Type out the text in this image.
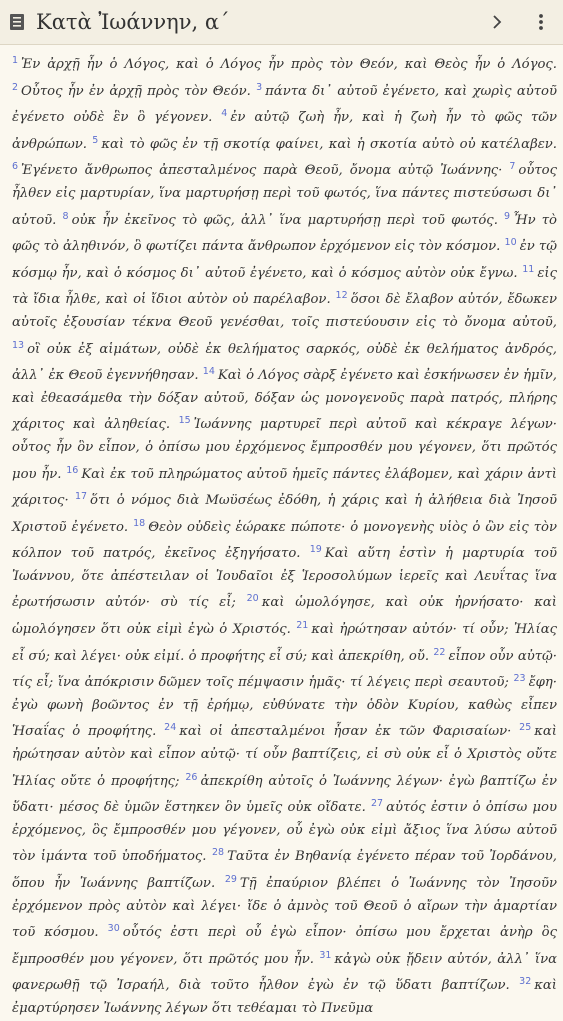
Κατὰ Ἰωάννην, α΄

$^1$ Ἐν ἀρχῇ ἦν ὁ Λόγος, καὶ ὁ Λόγος ἦν πρὸς τὸν Θεόν, καὶ Θεὸς ἦν ὁ Λόγος. $^2$ Οὗτος ἦν ἐν ἀρχῇ πρὸς τὸν Θεόν. $^3$ πάντα δι᾽ αὐτοῦ ἐγένετο, καὶ χωρὶς αὐτοῦ ἐγένετο οὐδὲ ἓν ὃ γέγονεν. $^4$ ἐν αὐτῷ ζωὴ ἦν, καὶ ἡ ζωὴ ἦν τὸ φῶς τῶν ἀνθρώπων. $^5$ καὶ τὸ φῶς ἐν τῇ σκοτίᾳ φαίνει, καὶ ἡ σκοτία αὐτὸ οὐ κατέλαβεν. $^6$ Ἐγένετο ἄνθρωπος ἀπεσταλμένος παρὰ Θεοῦ, ὄνομα αὐτῷ Ἰωάννης· $^7$ οὗτος ἦλθεν εἰς μαρτυρίαν, ἵνα μαρτυρήσῃ περὶ τοῦ φωτός, ἵνα πάντες πιστεύσωσι δι᾽ αὐτοῦ. $^8$ οὐκ ἦν ἐκεῖνος τὸ φῶς, ἀλλ᾽ ἵνα μαρτυρήσῃ περὶ τοῦ φωτός. $^9$ Ἦν τὸ φῶς τὸ ἀληθινόν, ὃ φωτίζει πάντα ἄνθρωπον ἐρχόμενον εἰς τὸν κόσμον. $^{10}$ ἐν τῷ κόσμῳ ἦν, καὶ ὁ κόσμος δι᾽ αὐτοῦ ἐγένετο, καὶ ὁ κόσμος αὐτὸν οὐκ ἔγνω. $^{11}$ εἰς τὰ ἴδια ἦλθε, καὶ οἱ ἴδιοι αὐτὸν οὐ παρέλαβον. $^{12}$ ὅσοι δὲ ἔλαβον αὐτόν, ἔδωκεν αὐτοῖς ἐξουσίαν τέκνα Θεοῦ γενέσθαι, τοῖς πιστεύουσιν εἰς τὸ ὄνομα αὐτοῦ, $^{13}$ οἳ οὐκ ἐξ αἱμάτων, οὐδὲ ἐκ θελήματος σαρκός, οὐδὲ ἐκ θελήματος ἀνδρός, ἀλλ᾽ ἐκ Θεοῦ ἐγεννήθησαν. $^{14}$ Καὶ ὁ Λόγος σὰρξ ἐγένετο καὶ ἐσκήνωσεν ἐν ἡμῖν, καὶ ἐθεασάμεθα τὴν δόξαν αὐτοῦ, δόξαν ὡς μονογενοῦς παρὰ πατρός, πλήρης χάριτος καὶ ἀληθείας. $^{15}$ Ἰωάννης μαρτυρεῖ περὶ αὐτοῦ καὶ κέκραγε λέγων· οὗτος ἦν ὃν εἶπον, ὁ ὀπίσω μου ἐρχόμενος ἔμπροσθέν μου γέγονεν, ὅτι πρῶτός μου ἦν. $^{16}$ Καὶ ἐκ τοῦ πληρώματος αὐτοῦ ἡμεῖς πάντες ἐλάβομεν, καὶ χάριν ἀντὶ χάριτος· $^{17}$ ὅτι ὁ νόμος διὰ Μωϋσέως ἐδόθη, ἡ χάρις καὶ ἡ ἀλήθεια διὰ Ἰησοῦ Χριστοῦ ἐγένετο. $^{18}$ Θεὸν οὐδεὶς ἑώρακε πώποτε· ὁ μονογενὴς υἱὸς ὁ ὢν εἰς τὸν κόλπον τοῦ πατρός, ἐκεῖνος ἐξηγήσατο. $^{19}$ Καὶ αὕτη ἐστὶν ἡ μαρτυρία τοῦ Ἰωάννου, ὅτε ἀπέστειλαν οἱ Ἰουδαῖοι ἐξ Ἱεροσολύμων ἱερεῖς καὶ Λευΐτας ἵνα ἐρωτήσωσιν αὐτόν· σὺ τίς εἶ; $^{20}$ καὶ ὡμολόγησε, καὶ οὐκ ἠρνήσατο· καὶ ὡμολόγησεν ὅτι οὐκ εἰμὶ ἐγὼ ὁ Χριστός. $^{21}$ καὶ ἠρώτησαν αὐτόν· τί οὖν; Ἠλίας εἶ σύ; καὶ λέγει· οὐκ εἰμί. ὁ προφήτης εἶ σύ; καὶ ἀπεκρίθη, οὔ. $^{22}$ εἶπον οὖν αὐτῷ· τίς εἶ; ἵνα ἀπόκρισιν δῶμεν τοῖς πέμψασιν ἡμᾶς· τί λέγεις περὶ σεαυτοῦ; $^{23}$ ἔφη· ἐγὼ φωνὴ βοῶντος ἐν τῇ ἐρήμῳ, εὐθύνατε τὴν ὁδὸν Κυρίου, καθὼς εἶπεν Ἡσαΐας ὁ προφήτης. $^{24}$ καὶ οἱ ἀπεσταλμένοι ἦσαν ἐκ τῶν Φαρισαίων· $^{25}$ καὶ ἠρώτησαν αὐτὸν καὶ εἶπον αὐτῷ· τί οὖν βαπτίζεις, εἰ σὺ οὐκ εἶ ὁ Χριστὸς οὔτε Ἠλίας οὔτε ὁ προφήτης; $^{26}$ ἀπεκρίθη αὐτοῖς ὁ Ἰωάννης λέγων· ἐγὼ βαπτίζω ἐν ὕδατι· μέσος δὲ ὑμῶν ἕστηκεν ὃν ὑμεῖς οὐκ οἴδατε. $^{27}$ αὐτός ἐστιν ὁ ὀπίσω μου ἐρχόμενος, ὃς ἔμπροσθέν μου γέγονεν, οὗ ἐγὼ οὐκ εἰμὶ ἄξιος ἵνα λύσω αὐτοῦ τὸν ἱμάντα τοῦ ὑποδήματος. $^{28}$ Ταῦτα ἐν Βηθανίᾳ ἐγένετο πέραν τοῦ Ἰορδάνου, ὅπου ἦν Ἰωάννης βαπτίζων. $^{29}$ Τῇ ἐπαύριον βλέπει ὁ Ἰωάννης τὸν Ἰησοῦν ἐρχόμενον πρὸς αὐτὸν καὶ λέγει· ἴδε ὁ ἀμνὸς τοῦ Θεοῦ ὁ αἴρων τὴν ἁμαρτίαν τοῦ κόσμου. $^{30}$ οὗτός ἐστι περὶ οὗ ἐγὼ εἶπον· ὀπίσω μου ἔρχεται ἀνὴρ ὃς ἔμπροσθέν μου γέγονεν, ὅτι πρῶτός μου ἦν. $^{31}$ κἀγὼ οὐκ ᾔδειν αὐτόν, ἀλλ᾽ ἵνα φανερωθῇ τῷ Ἰσραήλ, διὰ τοῦτο ἦλθον ἐγὼ ἐν τῷ ὕδατι βαπτίζων. $^{32}$ καὶ ἐμαρτύρησεν Ἰωάννης λέγων ὅτι τεθέαμαι τὸ Πνεῦμα
